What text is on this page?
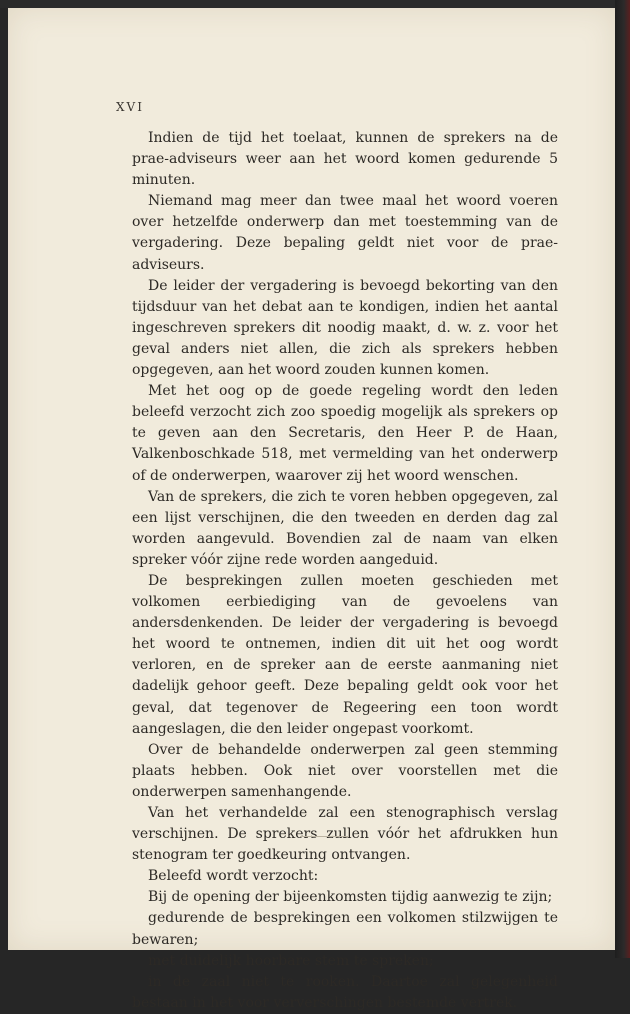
XVI

Indien de tijd het toelaat, kunnen de sprekers na de prae-adviseurs weer aan het woord komen gedurende 5 minuten.

Niemand mag meer dan twee maal het woord voeren over hetzelfde onderwerp dan met toestemming van de vergadering. Deze bepaling geldt niet voor de prae-adviseurs.

De leider der vergadering is bevoegd bekorting van den tijdsduur van het debat aan te kondigen, indien het aantal ingeschreven sprekers dit noodig maakt, d. w. z. voor het geval anders niet allen, die zich als sprekers hebben opgegeven, aan het woord zouden kunnen komen.

Met het oog op de goede regeling wordt den leden beleefd verzocht zich zoo spoedig mogelijk als sprekers op te geven aan den Secretaris, den Heer P. de Haan, Valkenboschkade 518, met vermelding van het onderwerp of de onderwerpen, waarover zij het woord wenschen.

Van de sprekers, die zich te voren hebben opgegeven, zal een lijst verschijnen, die den tweeden en derden dag zal worden aangevuld. Bovendien zal de naam van elken spreker vóór zijne rede worden aangeduid.

De besprekingen zullen moeten geschieden met volkomen eerbiediging van de gevoelens van andersdenkenden. De leider der vergadering is bevoegd het woord te ontnemen, indien dit uit het oog wordt verloren, en de spreker aan de eerste aanmaning niet dadelijk gehoor geeft. Deze bepaling geldt ook voor het geval, dat tegenover de Regeering een toon wordt aangeslagen, die den leider ongepast voorkomt.

Over de behandelde onderwerpen zal geen stemming plaats hebben. Ook niet over voorstellen met die onderwerpen samenhangende.

Van het verhandelde zal een stenographisch verslag verschijnen. De sprekers zullen vóór het afdrukken hun stenogram ter goedkeuring ontvangen.

Beleefd wordt verzocht:

Bij de opening der bijeenkomsten tijdig aanwezig te zijn;

gedurende de besprekingen een volkomen stilzwijgen te bewaren;

met duidelijk hoorbare stem te spreken;

in de zaal niet te rooken. Daartoe zal gelegenheid bestaan in het voor ververschingen bestemde vertrek.
